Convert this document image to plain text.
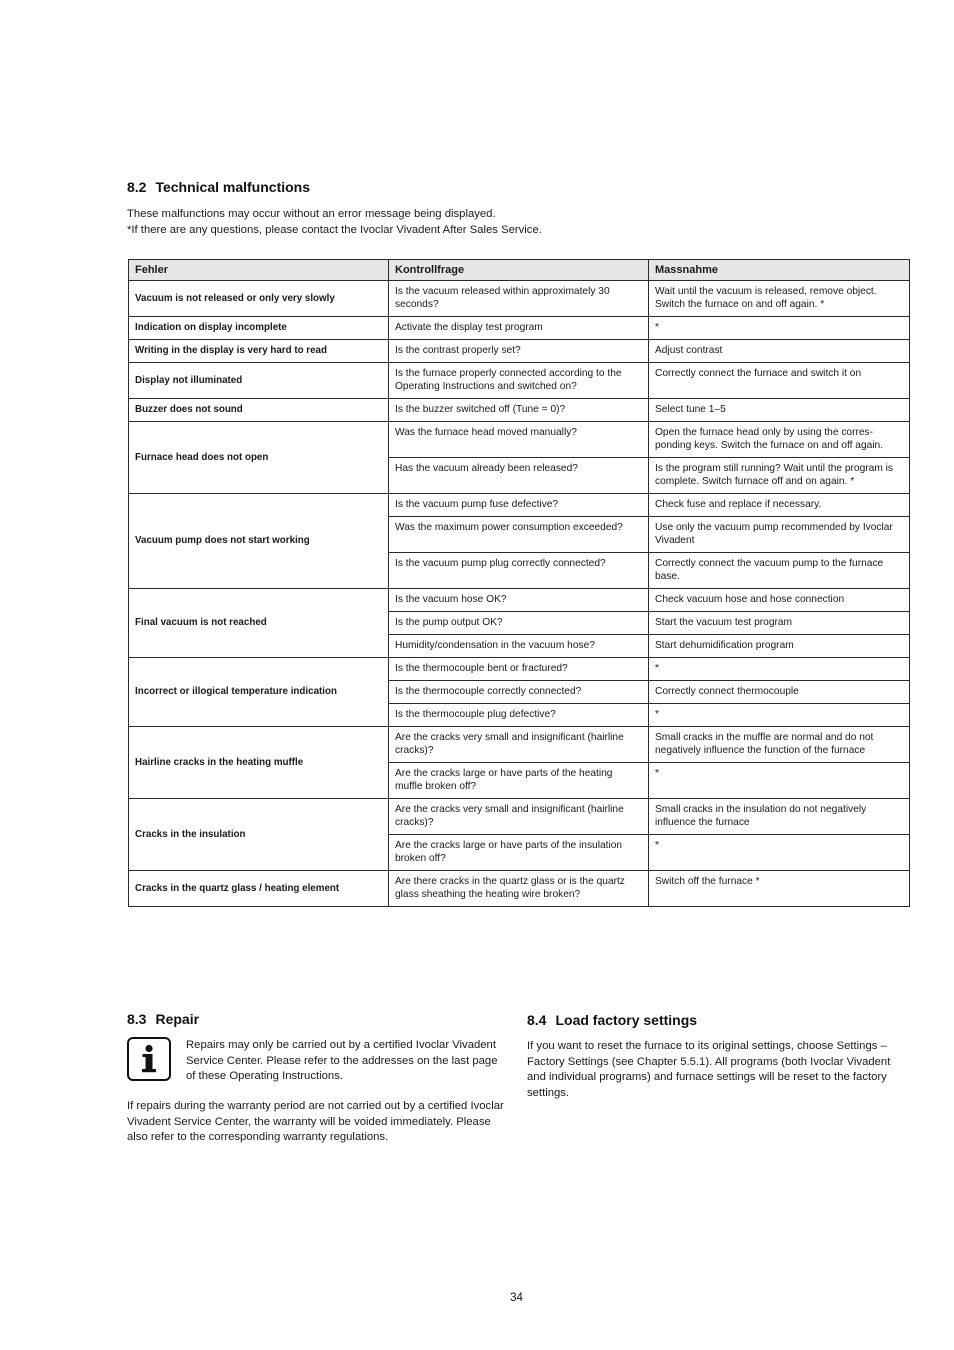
8.2 Technical malfunctions
These malfunctions may occur without an error message being displayed.
*If there are any questions, please contact the Ivoclar Vivadent After Sales Service.
Fehler	Kontrollfrage	Massnahme
Vacuum is not released or only very slowly	Is the vacuum released within approximately 30 seconds?	Wait until the vacuum is released, remove object. Switch the furnace on and off again. *
Indication on display incomplete	Activate the display test program	*
Writing in the display is very hard to read	Is the contrast properly set?	Adjust contrast
Display not illuminated	Is the furnace properly connected according to the Operating Instructions and switched on?	Correctly connect the furnace and switch it on
Buzzer does not sound	Is the buzzer switched off (Tune = 0)?	Select tune 1–5
Furnace head does not open	Was the furnace head moved manually?	Open the furnace head only by using the corres-ponding keys. Switch the furnace on and off again.
	Has the vacuum already been released?	Is the program still running? Wait until the program is complete. Switch furnace off and on again. *
Vacuum pump does not start working	Is the vacuum pump fuse defective?	Check fuse and replace if necessary.
	Was the maximum power consumption exceeded?	Use only the vacuum pump recommended by Ivoclar Vivadent
	Is the vacuum pump plug correctly connected?	Correctly connect the vacuum pump to the furnace base.
Final vacuum is not reached	Is the vacuum hose OK?	Check vacuum hose and hose connection
	Is the pump output OK?	Start the vacuum test program
	Humidity/condensation in the vacuum hose?	Start dehumidification program
Incorrect or illogical temperature indication	Is the thermocouple bent or fractured?	*
	Is the thermocouple correctly connected?	Correctly connect thermocouple
	Is the thermocouple plug defective?	*
Hairline cracks in the heating muffle	Are the cracks very small and insignificant (hairline cracks)?	Small cracks in the muffle are normal and do not negatively influence the function of the furnace
	Are the cracks large or have parts of the heating muffle broken off?	*
Cracks in the insulation	Are the cracks very small and insignificant (hairline cracks)?	Small cracks in the insulation do not negatively influence the furnace
	Are the cracks large or have parts of the insulation broken off?	*
Cracks in the quartz glass / heating element	Are there cracks in the quartz glass or is the quartz glass sheathing the heating wire broken?	Switch off the furnace *
8.3 Repair

Repairs may only be carried out by a certified Ivoclar Vivadent Service Center. Please refer to the addresses on the last page of these Operating Instructions.

If repairs during the warranty period are not carried out by a certified Ivoclar Vivadent Service Center, the warranty will be voided immediately. Please also refer to the corresponding warranty regulations.

8.4 Load factory settings

If you want to reset the furnace to its original settings, choose Settings – Factory Settings (see Chapter 5.5.1). All programs (both Ivoclar Vivadent and individual programs) and furnace settings will be reset to the factory settings.

34
